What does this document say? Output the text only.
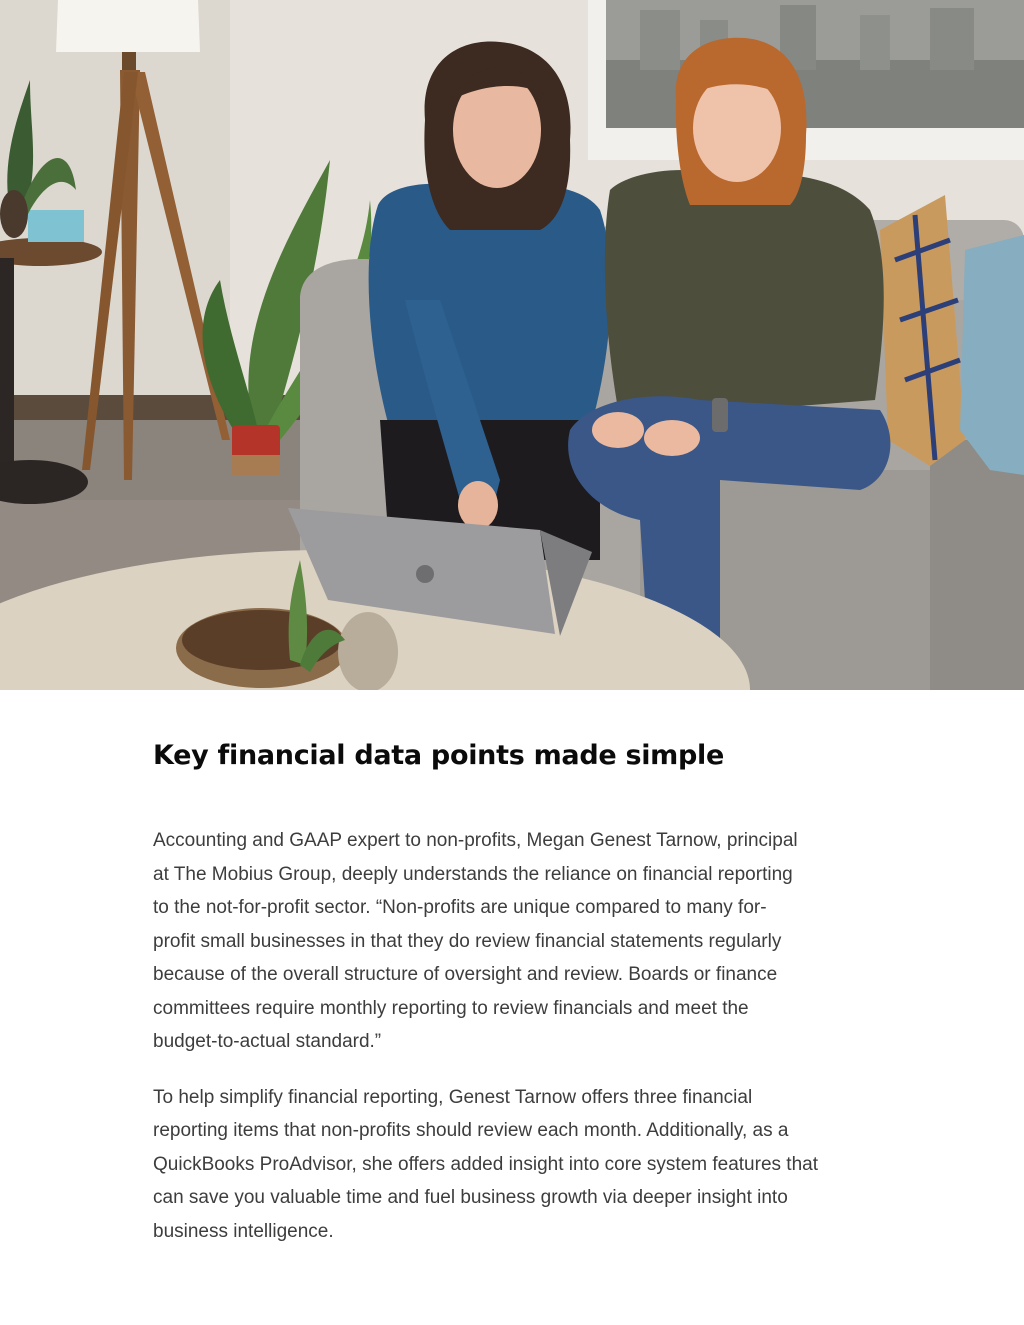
Key financial data points made simple

Accounting and GAAP expert to non-profits, Megan Genest Tarnow, principal
at The Mobius Group, deeply understands the reliance on financial reporting
to the not-for-profit sector. “Non-profits are unique compared to many for-
profit small businesses in that they do review financial statements regularly
because of the overall structure of oversight and review. Boards or finance
committees require monthly reporting to review financials and meet the
budget-to-actual standard.”

To help simplify financial reporting, Genest Tarnow offers three financial
reporting items that non-profits should review each month. Additionally, as a
QuickBooks ProAdvisor, she offers added insight into core system features that
can save you valuable time and fuel business growth via deeper insight into
business intelligence.
